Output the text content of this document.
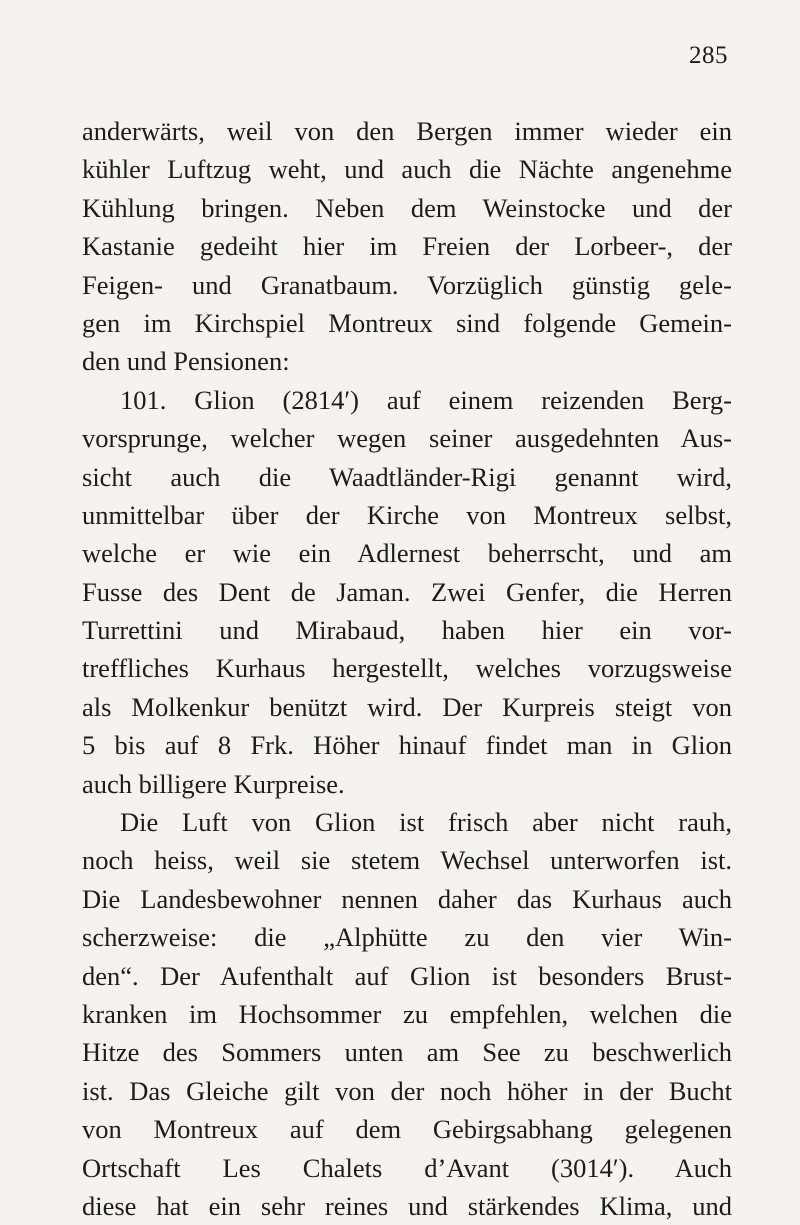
285
anderwärts, weil von den Bergen immer wieder ein
kühler Luftzug weht, und auch die Nächte angenehme
Kühlung bringen. Neben dem Weinstocke und der
Kastanie gedeiht hier im Freien der Lorbeer-, der
Feigen- und Granatbaum. Vorzüglich günstig gele-
gen im Kirchspiel Montreux sind folgende Gemein-
den und Pensionen:
101. Glion (2814′) auf einem reizenden Berg-
vorsprunge, welcher wegen seiner ausgedehnten Aus-
sicht auch die Waadtländer-Rigi genannt wird,
unmittelbar über der Kirche von Montreux selbst,
welche er wie ein Adlernest beherrscht, und am
Fusse des Dent de Jaman. Zwei Genfer, die Herren
Turrettini und Mirabaud, haben hier ein vor-
treffliches Kurhaus hergestellt, welches vorzugsweise
als Molkenkur benützt wird. Der Kurpreis steigt von
5 bis auf 8 Frk. Höher hinauf findet man in Glion
auch billigere Kurpreise.
Die Luft von Glion ist frisch aber nicht rauh,
noch heiss, weil sie stetem Wechsel unterworfen ist.
Die Landesbewohner nennen daher das Kurhaus auch
scherzweise: die „Alphütte zu den vier Win-
den“. Der Aufenthalt auf Glion ist besonders Brust-
kranken im Hochsommer zu empfehlen, welchen die
Hitze des Sommers unten am See zu beschwerlich
ist. Das Gleiche gilt von der noch höher in der Bucht
von Montreux auf dem Gebirgsabhang gelegenen
Ortschaft Les Chalets d’Avant (3014′). Auch
diese hat ein sehr reines und stärkendes Klima, und
